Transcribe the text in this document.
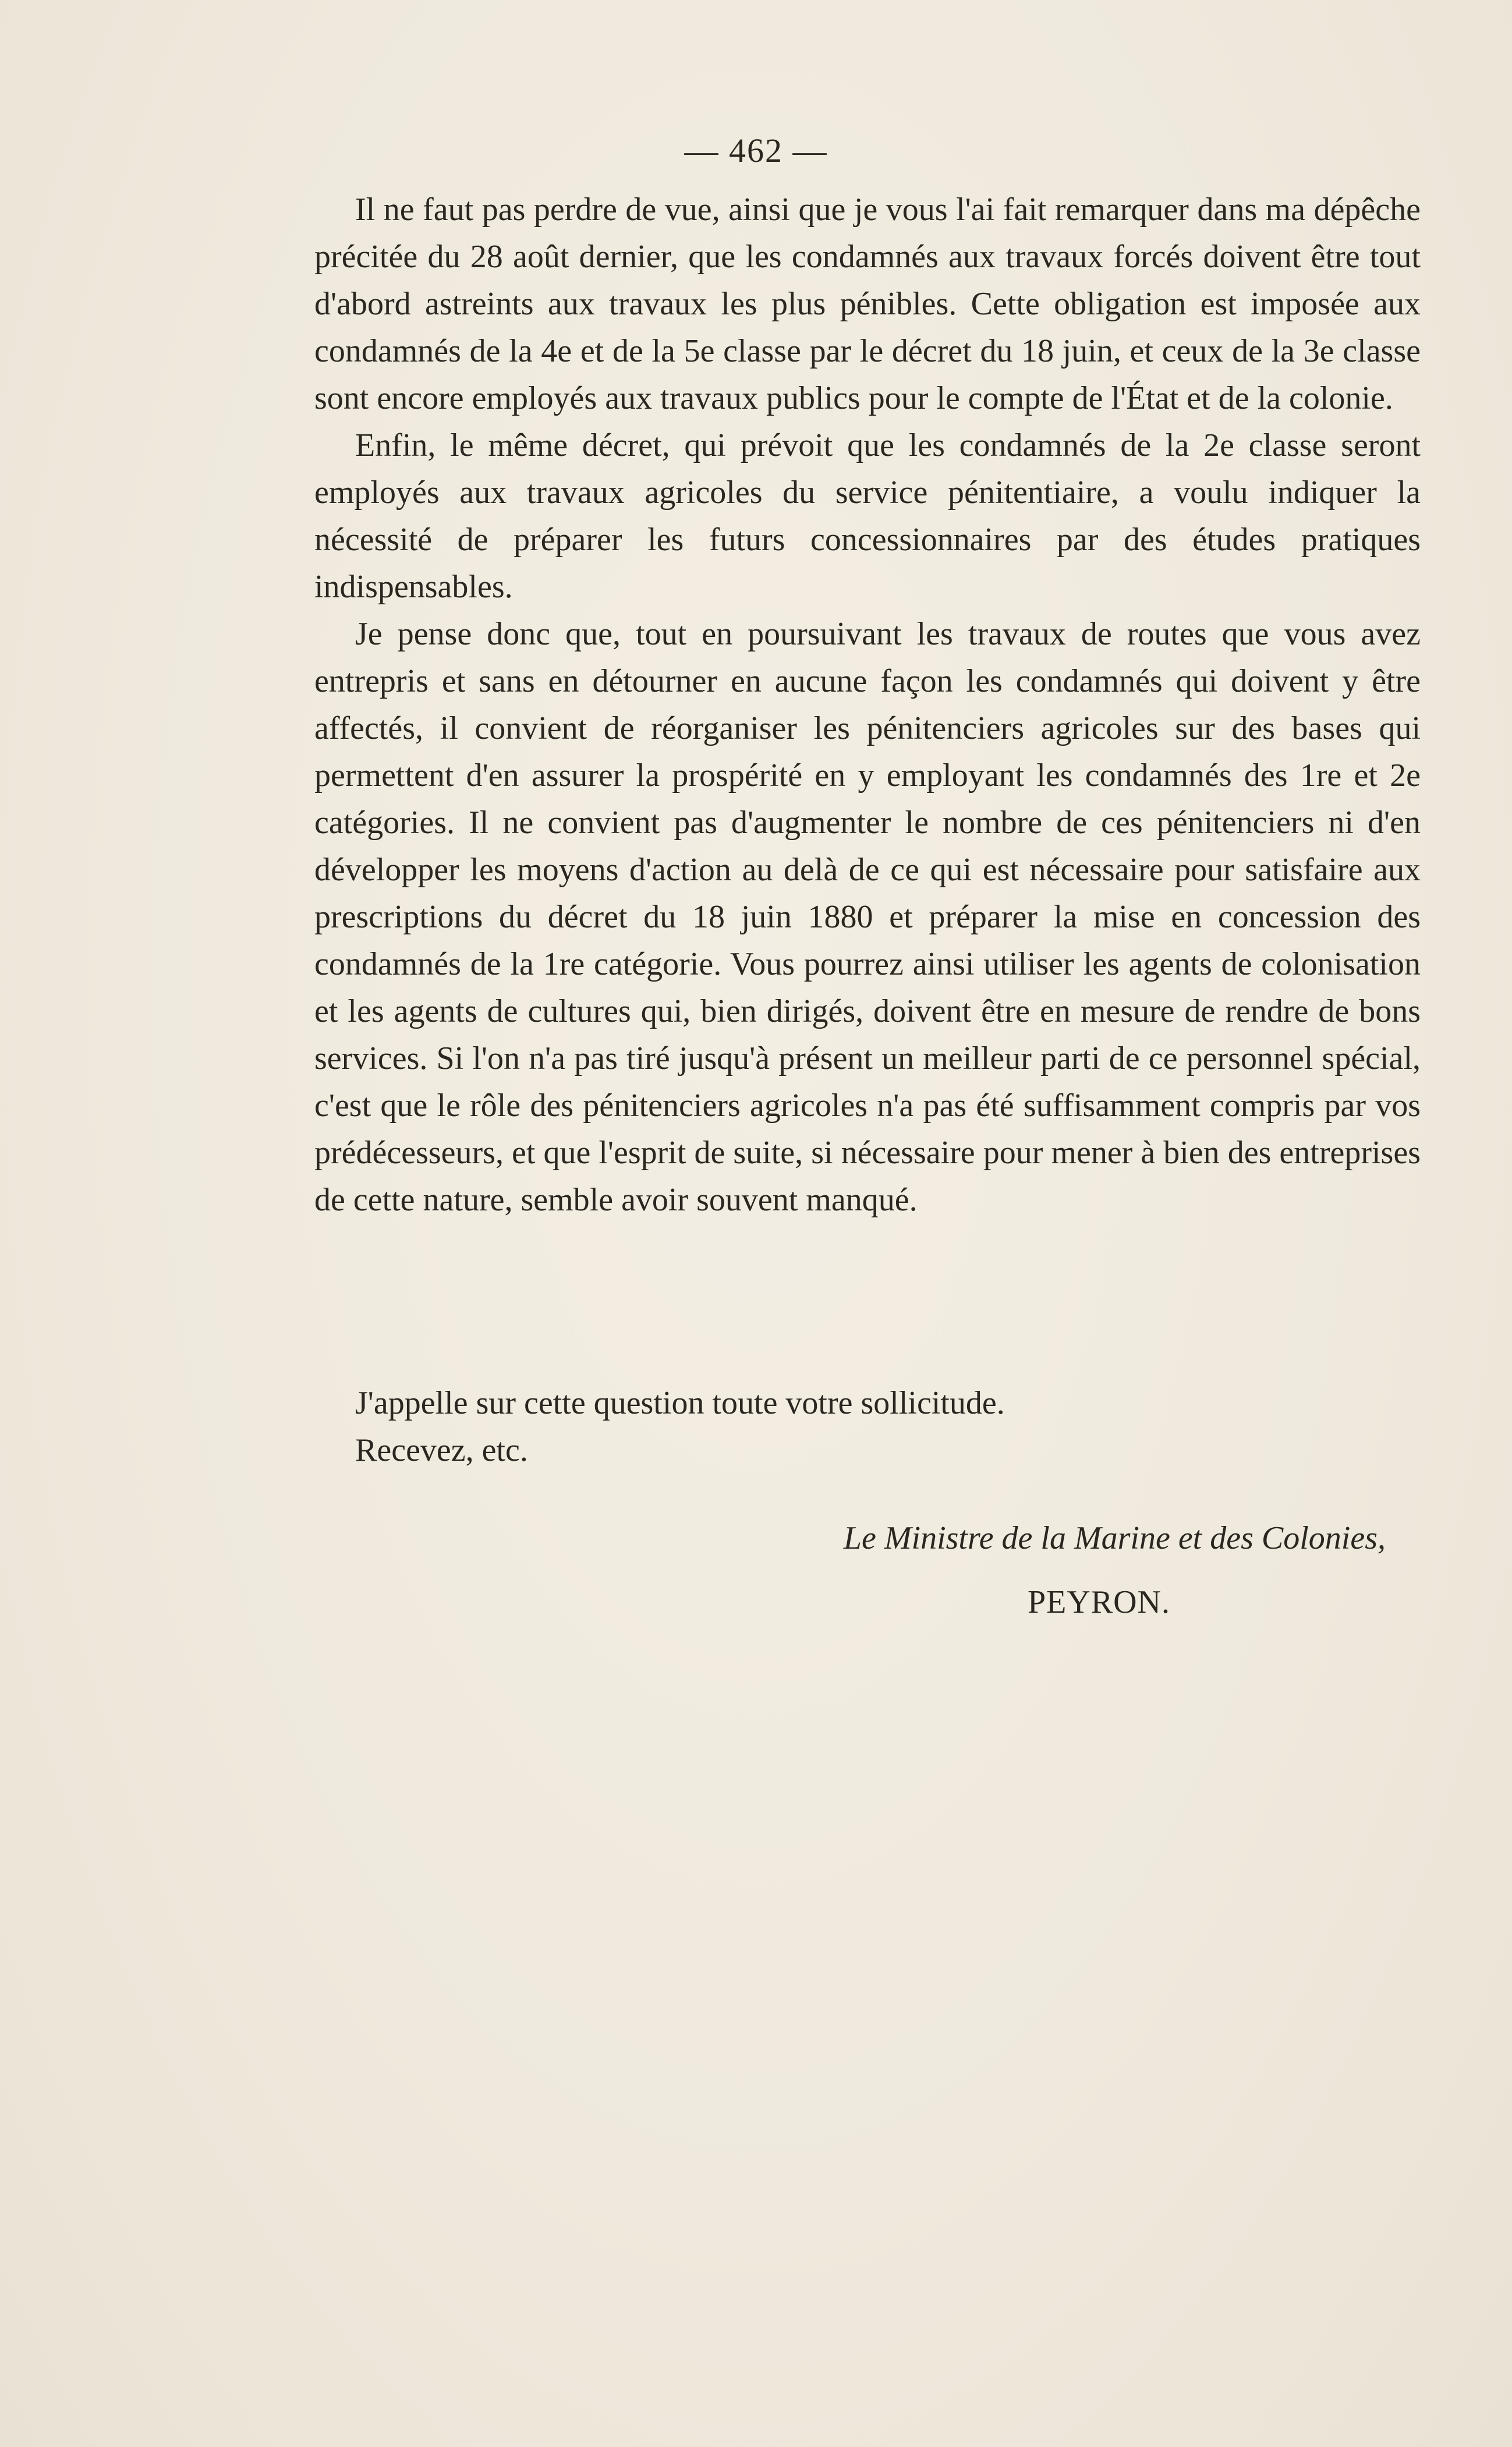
— 462 —

Il ne faut pas perdre de vue, ainsi que je vous l'ai fait remarquer dans ma dépêche précitée du 28 août dernier, que les condamnés aux travaux forcés doivent être tout d'abord astreints aux travaux les plus pénibles. Cette obligation est imposée aux condamnés de la 4e et de la 5e classe par le décret du 18 juin, et ceux de la 3e classe sont encore employés aux travaux publics pour le compte de l'État et de la colonie.

Enfin, le même décret, qui prévoit que les condamnés de la 2e classe seront employés aux travaux agricoles du service pénitentiaire, a voulu indiquer la nécessité de préparer les futurs concessionnaires par des études pratiques indispensables.

Je pense donc que, tout en poursuivant les travaux de routes que vous avez entrepris et sans en détourner en aucune façon les condamnés qui doivent y être affectés, il convient de réorganiser les pénitenciers agricoles sur des bases qui permettent d'en assurer la prospérité en y employant les condamnés des 1re et 2e catégories. Il ne convient pas d'augmenter le nombre de ces pénitenciers ni d'en développer les moyens d'action au delà de ce qui est nécessaire pour satisfaire aux prescriptions du décret du 18 juin 1880 et préparer la mise en concession des condamnés de la 1re catégorie. Vous pourrez ainsi utiliser les agents de colonisation et les agents de cultures qui, bien dirigés, doivent être en mesure de rendre de bons services. Si l'on n'a pas tiré jusqu'à présent un meilleur parti de ce personnel spécial, c'est que le rôle des pénitenciers agricoles n'a pas été suffisamment compris par vos prédécesseurs, et que l'esprit de suite, si nécessaire pour mener à bien des entreprises de cette nature, semble avoir souvent manqué.

J'appelle sur cette question toute votre sollicitude.

Recevez, etc.

Le Ministre de la Marine et des Colonies,
PEYRON.
